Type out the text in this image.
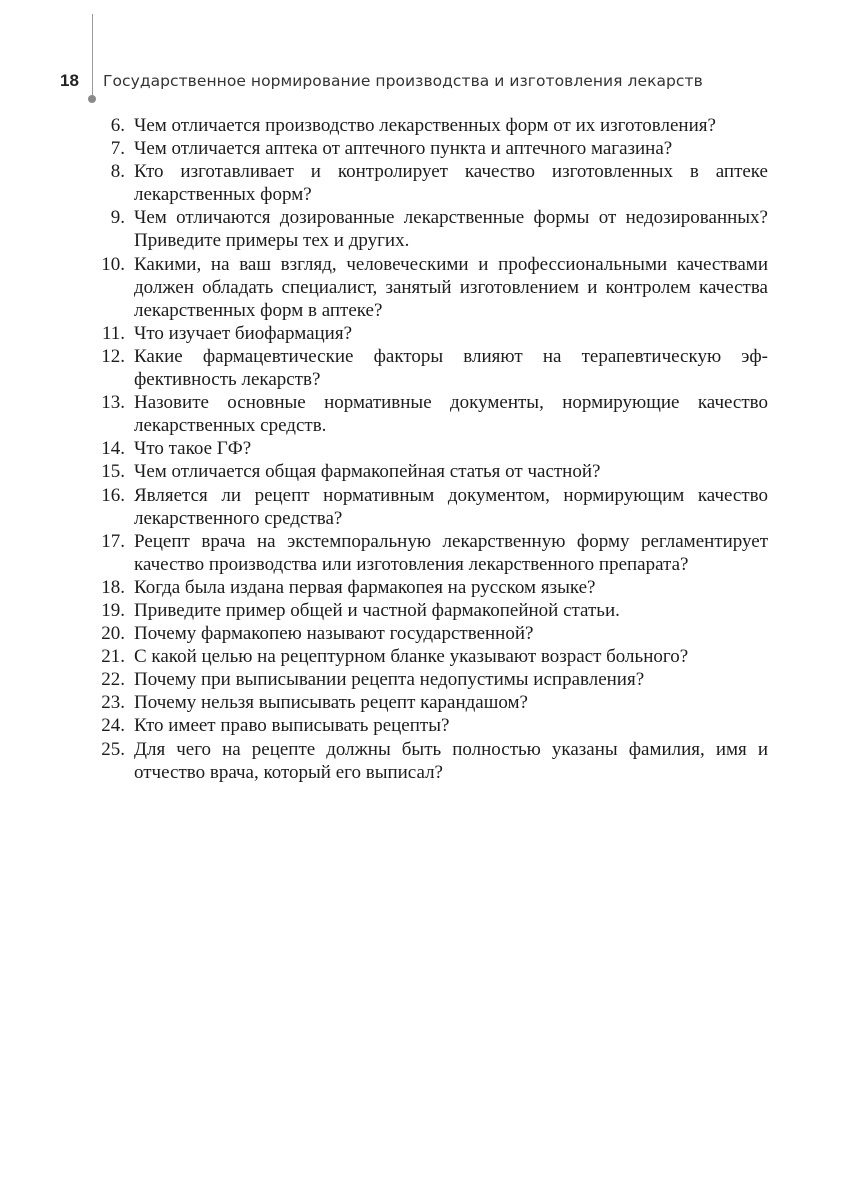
18 Государственное нормирование производства и изготовления лекарств
6. Чем отличается производство лекарственных форм от их изготовления?
7. Чем отличается аптека от аптечного пункта и аптечного магазина?
8. Кто изготавливает и контролирует качество изготовленных в аптеке лекарственных форм?
9. Чем отличаются дозированные лекарственные формы от недозированных? Приведите примеры тех и других.
10. Какими, на ваш взгляд, человеческими и профессиональными качествами должен обладать специалист, занятый изготовлением и контролем качества лекарственных форм в аптеке?
11. Что изучает биофармация?
12. Какие фармацевтические факторы влияют на терапевтическую эффективность лекарств?
13. Назовите основные нормативные документы, нормирующие качество лекарственных средств.
14. Что такое ГФ?
15. Чем отличается общая фармакопейная статья от частной?
16. Является ли рецепт нормативным документом, нормирующим качество лекарственного средства?
17. Рецепт врача на экстемпоральную лекарственную форму регламентирует качество производства или изготовления лекарственного препарата?
18. Когда была издана первая фармакопея на русском языке?
19. Приведите пример общей и частной фармакопейной статьи.
20. Почему фармакопею называют государственной?
21. С какой целью на рецептурном бланке указывают возраст больного?
22. Почему при выписывании рецепта недопустимы исправления?
23. Почему нельзя выписывать рецепт карандашом?
24. Кто имеет право выписывать рецепты?
25. Для чего на рецепте должны быть полностью указаны фамилия, имя и отчество врача, который его выписал?
